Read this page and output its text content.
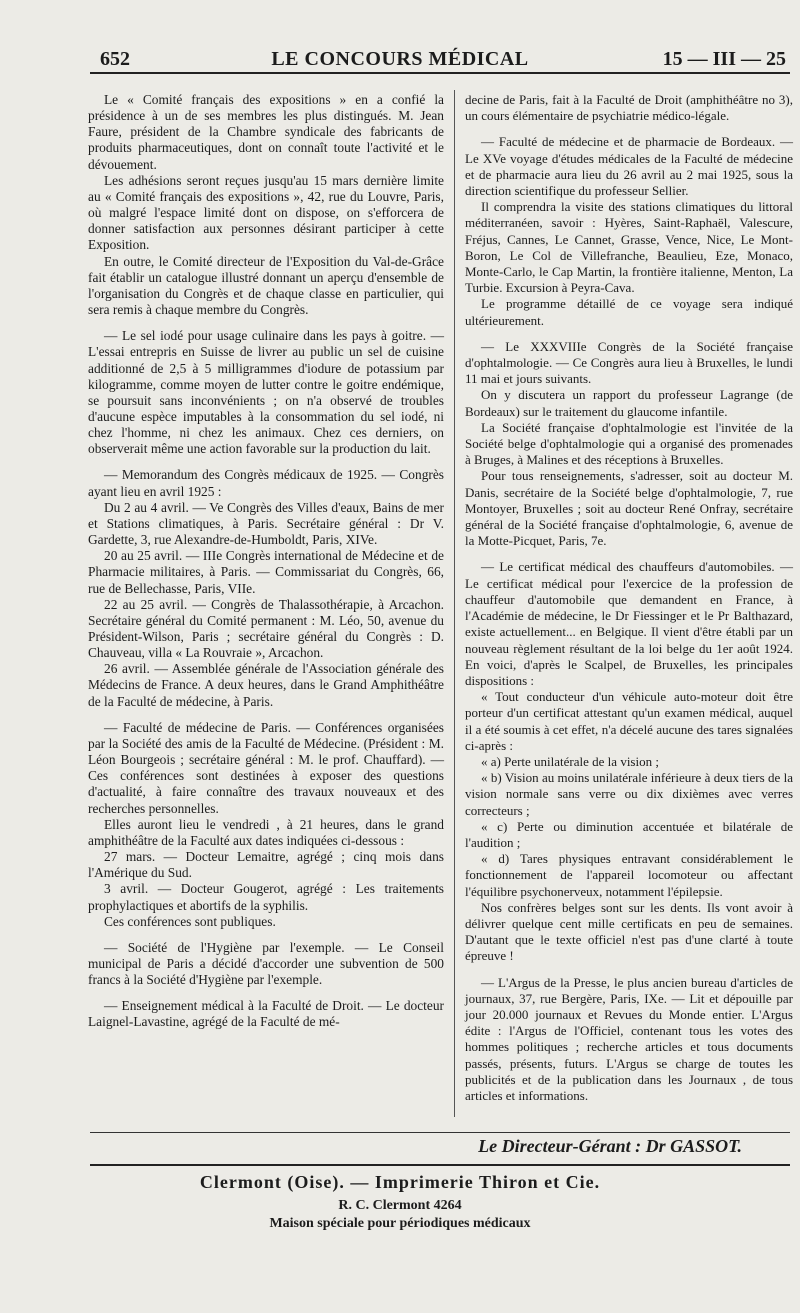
652	LE CONCOURS MÉDICAL	15 — III — 25

Le « Comité français des expositions » en a confié la présidence à un de ses membres les plus distingués. M. Jean Faure, président de la Chambre syndicale des fabricants de produits pharmaceutiques, dont on connaît toute l'activité et le dévouement.

Les adhésions seront reçues jusqu'au 15 mars dernière limite au « Comité français des expositions », 42, rue du Louvre, Paris, où malgré l'espace limité dont on dispose, on s'efforcera de donner satisfaction aux personnes désirant participer à cette Exposition.

En outre, le Comité directeur de l'Exposition du Val-de-Grâce fait établir un catalogue illustré donnant un aperçu d'ensemble de l'organisation du Congrès et de chaque classe en particulier, qui sera remis à chaque membre du Congrès.

— Le sel iodé pour usage culinaire dans les pays à goitre. — L'essai entrepris en Suisse de livrer au public un sel de cuisine additionné de 2,5 à 5 milligrammes d'iodure de potassium par kilogramme, comme moyen de lutter contre le goitre endémique, se poursuit sans inconvénients ; on n'a observé de troubles d'aucune espèce imputables à la consommation du sel iodé, ni chez l'homme, ni chez les animaux. Chez ces derniers, on observerait même une action favorable sur la production du lait.

— Memorandum des Congrès médicaux de 1925. — Congrès ayant lieu en avril 1925 :

Du 2 au 4 avril. — Ve Congrès des Villes d'eaux, Bains de mer et Stations climatiques, à Paris. Secrétaire général : Dr V. Gardette, 3, rue Alexandre-de-Humboldt, Paris, XIVe.

20 au 25 avril. — IIIe Congrès international de Médecine et de Pharmacie militaires, à Paris. — Commissariat du Congrès, 66, rue de Bellechasse, Paris, VIIe.

22 au 25 avril. — Congrès de Thalassothérapie, à Arcachon. Secrétaire général du Comité permanent : M. Léo, 50, avenue du Président-Wilson, Paris ; secrétaire général du Congrès : D. Chauveau, villa « La Rouvraie », Arcachon.

26 avril. — Assemblée générale de l'Association générale des Médecins de France. A deux heures, dans le Grand Amphithéâtre de la Faculté de médecine, à Paris.

— Faculté de médecine de Paris. — Conférences organisées par la Société des amis de la Faculté de Médecine. (Président : M. Léon Bourgeois ; secrétaire général : M. le prof. Chauffard). — Ces conférences sont destinées à exposer des questions d'actualité, à faire connaître des travaux nouveaux et des recherches personnelles.

Elles auront lieu le vendredi , à 21 heures, dans le grand amphithéâtre de la Faculté aux dates indiquées ci-dessous :

27 mars. — Docteur Lemaitre, agrégé ; cinq mois dans l'Amérique du Sud.

3 avril. — Docteur Gougerot, agrégé : Les traitements prophylactiques et abortifs de la syphilis.

Ces conférences sont publiques.

— Société de l'Hygiène par l'exemple. — Le Conseil municipal de Paris a décidé d'accorder une subvention de 500 francs à la Société d'Hygiène par l'exemple.

— Enseignement médical à la Faculté de Droit. — Le docteur Laignel-Lavastine, agrégé de la Faculté de mé-

decine de Paris, fait à la Faculté de Droit (amphithéâtre no 3), un cours élémentaire de psychiatrie médico-légale.

— Faculté de médecine et de pharmacie de Bordeaux. — Le XVe voyage d'études médicales de la Faculté de médecine et de pharmacie aura lieu du 26 avril au 2 mai 1925, sous la direction scientifique du professeur Sellier.

Il comprendra la visite des stations climatiques du littoral méditerranéen, savoir : Hyères, Saint-Raphaël, Valescure, Fréjus, Cannes, Le Cannet, Grasse, Vence, Nice, Le Mont-Boron, Le Col de Villefranche, Beaulieu, Eze, Monaco, Monte-Carlo, le Cap Martin, la frontière italienne, Menton, La Turbie. Excursion à Peyra-Cava.

Le programme détaillé de ce voyage sera indiqué ultérieurement.

— Le XXXVIIIe Congrès de la Société française d'ophtalmologie. — Ce Congrès aura lieu à Bruxelles, le lundi 11 mai et jours suivants.

On y discutera un rapport du professeur Lagrange (de Bordeaux) sur le traitement du glaucome infantile.

La Société française d'ophtalmologie est l'invitée de la Société belge d'ophtalmologie qui a organisé des promenades à Bruges, à Malines et des réceptions à Bruxelles.

Pour tous renseignements, s'adresser, soit au docteur M. Danis, secrétaire de la Société belge d'ophtalmologie, 7, rue Montoyer, Bruxelles ; soit au docteur René Onfray, secrétaire général de la Société française d'ophtalmologie, 6, avenue de la Motte-Picquet, Paris, 7e.

— Le certificat médical des chauffeurs d'automobiles. — Le certificat médical pour l'exercice de la profession de chauffeur d'automobile que demandent en France, à l'Académie de médecine, le Dr Fiessinger et le Pr Balthazard, existe actuellement... en Belgique. Il vient d'être établi par un nouveau règlement résultant de la loi belge du 1er août 1924. En voici, d'après le Scalpel, de Bruxelles, les principales dispositions :

« Tout conducteur d'un véhicule auto-moteur doit être porteur d'un certificat attestant qu'un examen médical, auquel il a été soumis à cet effet, n'a décelé aucune des tares signalées ci-après :

« a) Perte unilatérale de la vision ;

« b) Vision au moins unilatérale inférieure à deux tiers de la vision normale sans verre ou dix dixièmes avec verres correcteurs ;

« c) Perte ou diminution accentuée et bilatérale de l'audition ;

« d) Tares physiques entravant considérablement le fonctionnement de l'appareil locomoteur ou affectant l'équilibre psychonerveux, notamment l'épilepsie.

Nos confrères belges sont sur les dents. Ils vont avoir à délivrer quelque cent mille certificats en peu de semaines. D'autant que le texte officiel n'est pas d'une clarté à toute épreuve !

— L'Argus de la Presse, le plus ancien bureau d'articles de journaux, 37, rue Bergère, Paris, IXe. — Lit et dépouille par jour 20.000 journaux et Revues du Monde entier. L'Argus édite : l'Argus de l'Officiel, contenant tous les votes des hommes politiques ; recherche articles et tous documents passés, présents, futurs. L'Argus se charge de toutes les publicités et de la publication dans les Journaux , de tous articles et informations.

Le Directeur-Gérant : Dr GASSOT.
Clermont (Oise). — Imprimerie Thiron et Cie.
R. C. Clermont 4264
Maison spéciale pour périodiques médicaux
